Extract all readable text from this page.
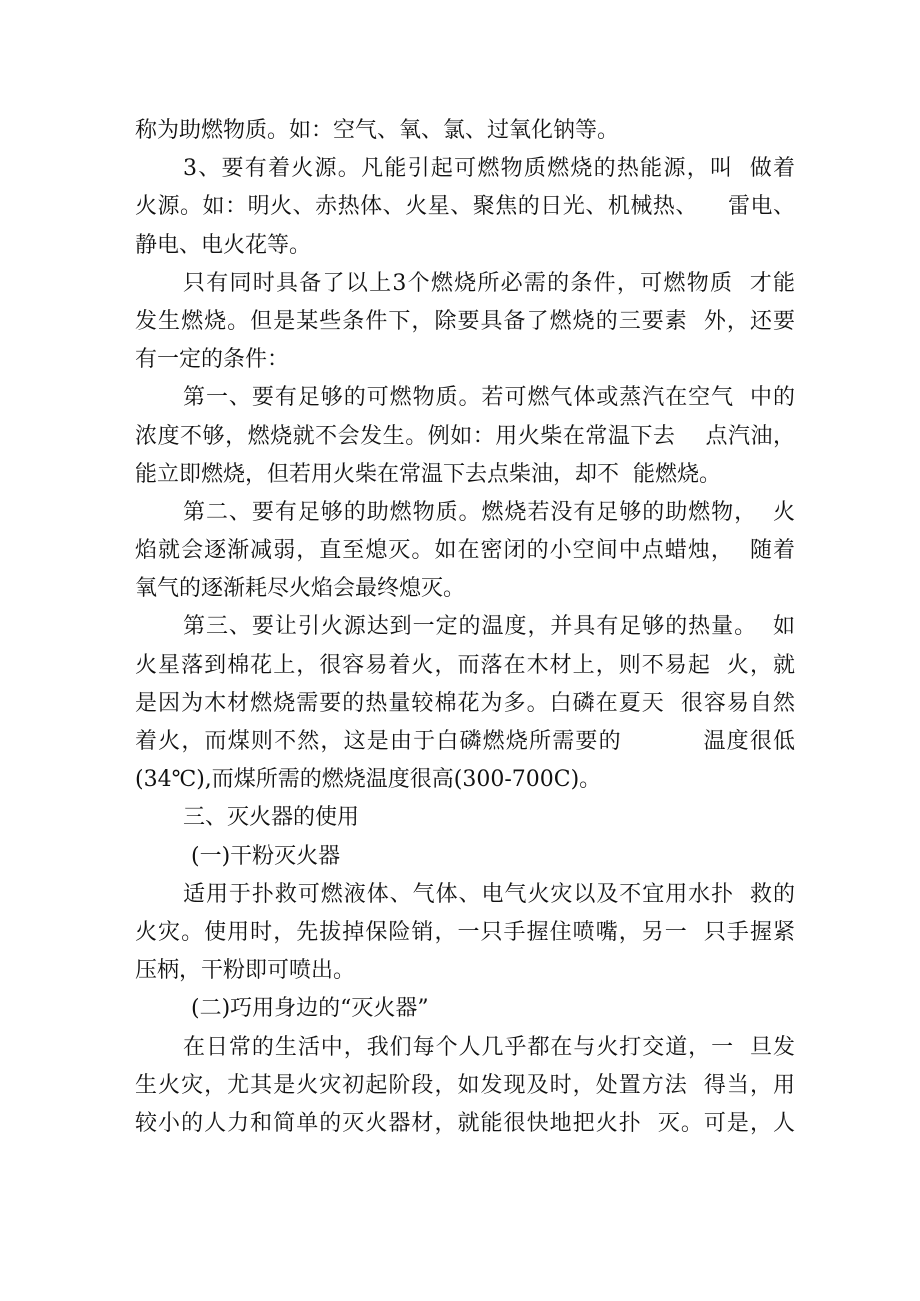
称为助燃物质。如：空气、氧、氯、过氧化钠等。
3、要有着火源。凡能引起可燃物质燃烧的热能源，叫  做着
火源。如：明火、赤热体、火星、聚焦的日光、机械热、    雷电、
静电、电火花等。
只有同时具备了以上3个燃烧所必需的条件，可燃物质  才能
发生燃烧。但是某些条件下，除要具备了燃烧的三要素  外，还要
有一定的条件：
第一、要有足够的可燃物质。若可燃气体或蒸汽在空气  中的
浓度不够，燃烧就不会发生。例如：用火柴在常温下去    点汽油，
能立即燃烧，但若用火柴在常温下去点柴油，却不  能燃烧。
第二、要有足够的助燃物质。燃烧若没有足够的助燃物，  火
焰就会逐渐减弱，直至熄灭。如在密闭的小空间中点蜡烛，  随着
氧气的逐渐耗尽火焰会最终熄灭。
第三、要让引火源达到一定的温度，并具有足够的热量。  如
火星落到棉花上，很容易着火，而落在木材上，则不易起  火，就
是因为木材燃烧需要的热量较棉花为多。白磷在夏天  很容易自然
着火，而煤则不然，这是由于白磷燃烧所需要的          温度很低
(34℃),而煤所需的燃烧温度很高(300-700C)。
三、灭火器的使用
(一)干粉灭火器
适用于扑救可燃液体、气体、电气火灾以及不宜用水扑  救的
火灾。使用时，先拔掉保险销，一只手握住喷嘴，另一  只手握紧
压柄，干粉即可喷出。
(二)巧用身边的“灭火器”
在日常的生活中，我们每个人几乎都在与火打交道，一  旦发
生火灾，尤其是火灾初起阶段，如发现及时，处置方法  得当，用
较小的人力和简单的灭火器材，就能很快地把火扑  灭。可是，人
